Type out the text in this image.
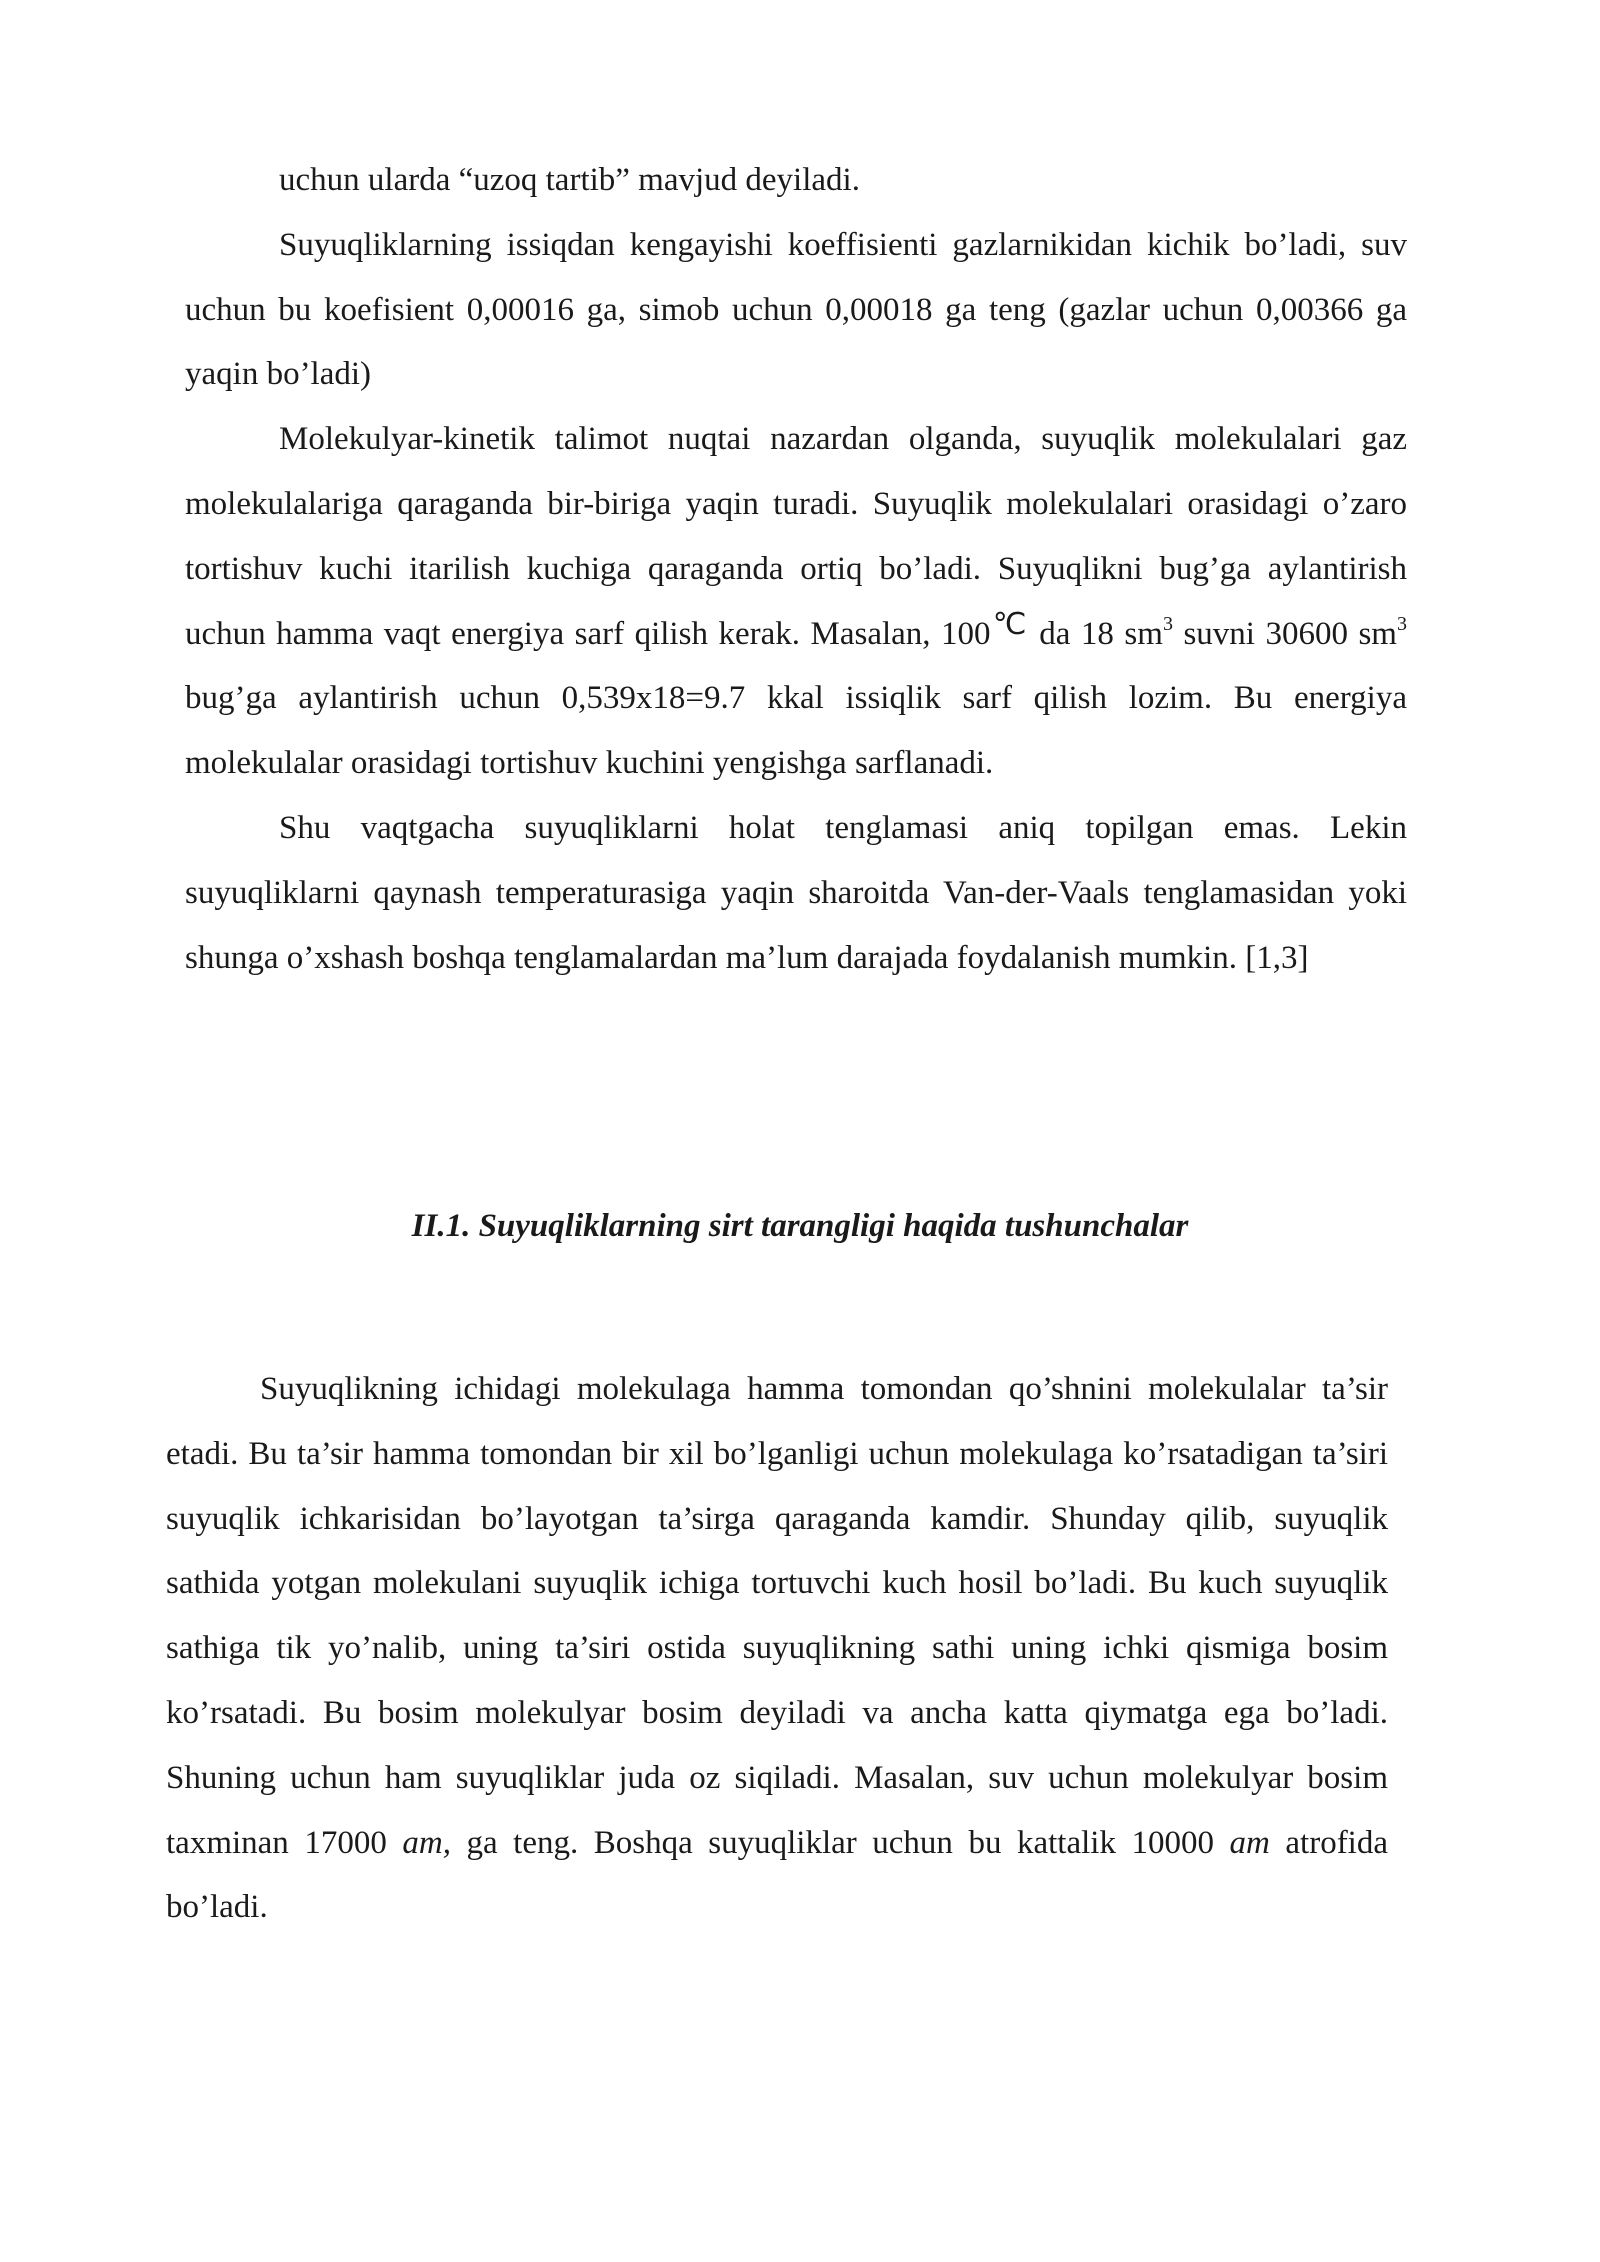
uchun ularda “uzoq tartib” mavjud deyiladi.

Suyuqliklarning issiqdan kengayishi koeffisienti gazlarnikidan kichik bo’ladi, suv uchun bu koefisient 0,00016 ga, simob uchun 0,00018 ga teng (gazlar uchun 0,00366 ga yaqin bo’ladi)

Molekulyar-kinetik talimot nuqtai nazardan olganda, suyuqlik molekulalari gaz molekulalariga qaraganda bir-biriga yaqin turadi. Suyuqlik molekulalari orasidagi o’zaro tortishuv kuchi itarilish kuchiga qaraganda ortiq bo’ladi. Suyuqlikni bug’ga aylantirish uchun hamma vaqt energiya sarf qilish kerak. Masalan, 100℃ da 18 $sm^3$ suvni 30600 $sm^3$ bug’ga aylantirish uchun 0,539x18=9.7 kkal issiqlik sarf qilish lozim. Bu energiya molekulalar orasidagi tortishuv kuchini yengishga sarflanadi.

Shu vaqtgacha suyuqliklarni holat tenglamasi aniq topilgan emas. Lekin suyuqliklarni qaynash temperaturasiga yaqin sharoitda Van-der-Vaals tenglamasidan yoki shunga o’xshash boshqa tenglamalardan ma’lum darajada foydalanish mumkin. [1,3]

II.1. Suyuqliklarning sirt tarangligi haqida tushunchalar

Suyuqlikning ichidagi molekulaga hamma tomondan qo’shnini molekulalar ta’sir etadi. Bu ta’sir hamma tomondan bir xil bo’lganligi uchun molekulaga ko’rsatadigan ta’siri suyuqlik ichkarisidan bo’layotgan ta’sirga qaraganda kamdir. Shunday qilib, suyuqlik sathida yotgan molekulani suyuqlik ichiga tortuvchi kuch hosil bo’ladi. Bu kuch suyuqlik sathiga tik yo’nalib, uning ta’siri ostida suyuqlikning sathi uning ichki qismiga bosim ko’rsatadi. Bu bosim molekulyar bosim deyiladi va ancha katta qiymatga ega bo’ladi. Shuning uchun ham suyuqliklar juda oz siqiladi. Masalan, suv uchun molekulyar bosim taxminan 17000 am, ga teng. Boshqa suyuqliklar uchun bu kattalik 10000 am atrofida bo’ladi.
